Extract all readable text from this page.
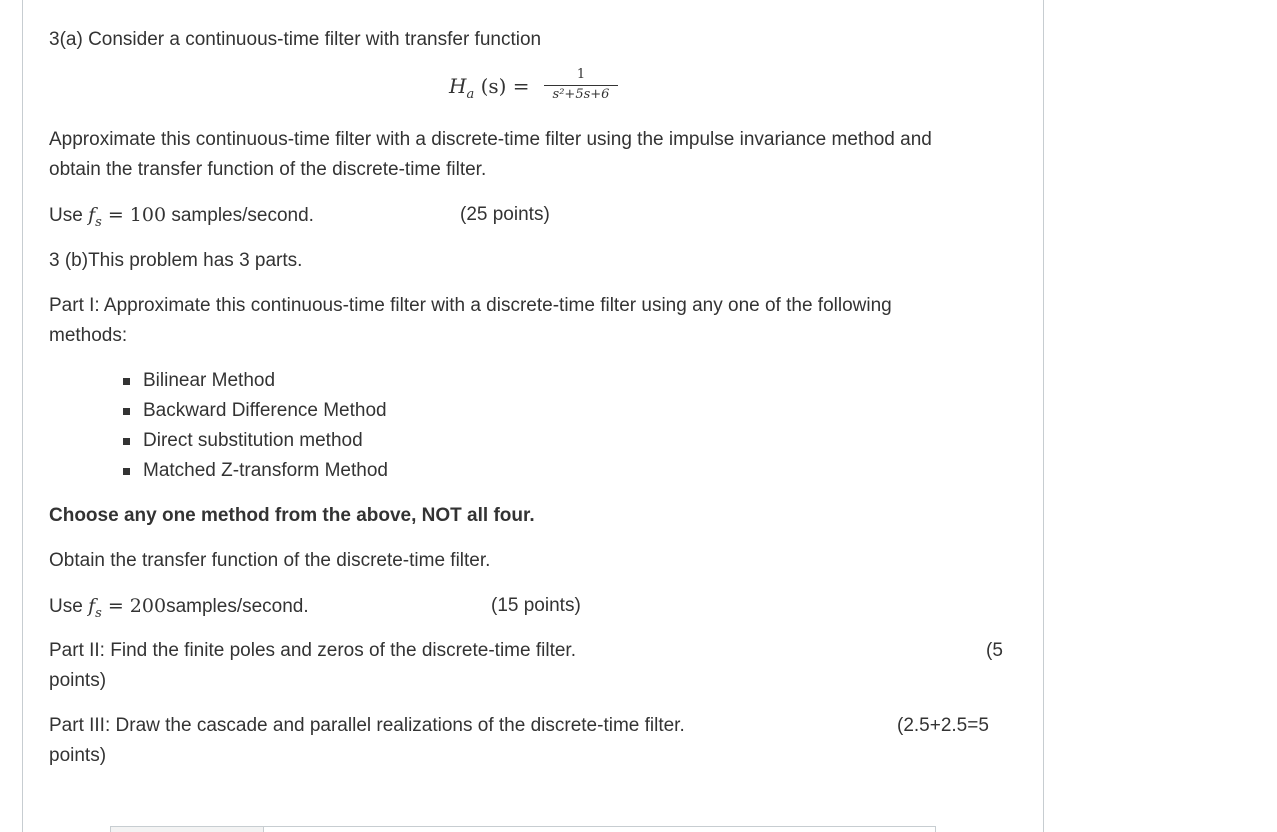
3(a) Consider a continuous-time filter with transfer function
$H_a$ (s) =	1
s²+5s+6
Approximate this continuous-time filter with a discrete-time filter using the impulse invariance method and
obtain the transfer function of the discrete-time filter.
Use $f_s = 100$ samples/second.	(25 points)
3 (b)This problem has 3 parts.
Part I: Approximate this continuous-time filter with a discrete-time filter using any one of the following
methods:
Bilinear Method
Backward Difference Method
Direct substitution method
Matched Z-transform Method
Choose any one method from the above, NOT all four.
Obtain the transfer function of the discrete-time filter.
Use $f_s$ = 200samples/second.	(15 points)
Part II: Find the finite poles and zeros of the discrete-time filter.	(5
points)
Part III: Draw the cascade and parallel realizations of the discrete-time filter.	(2.5+2.5=5
points)
